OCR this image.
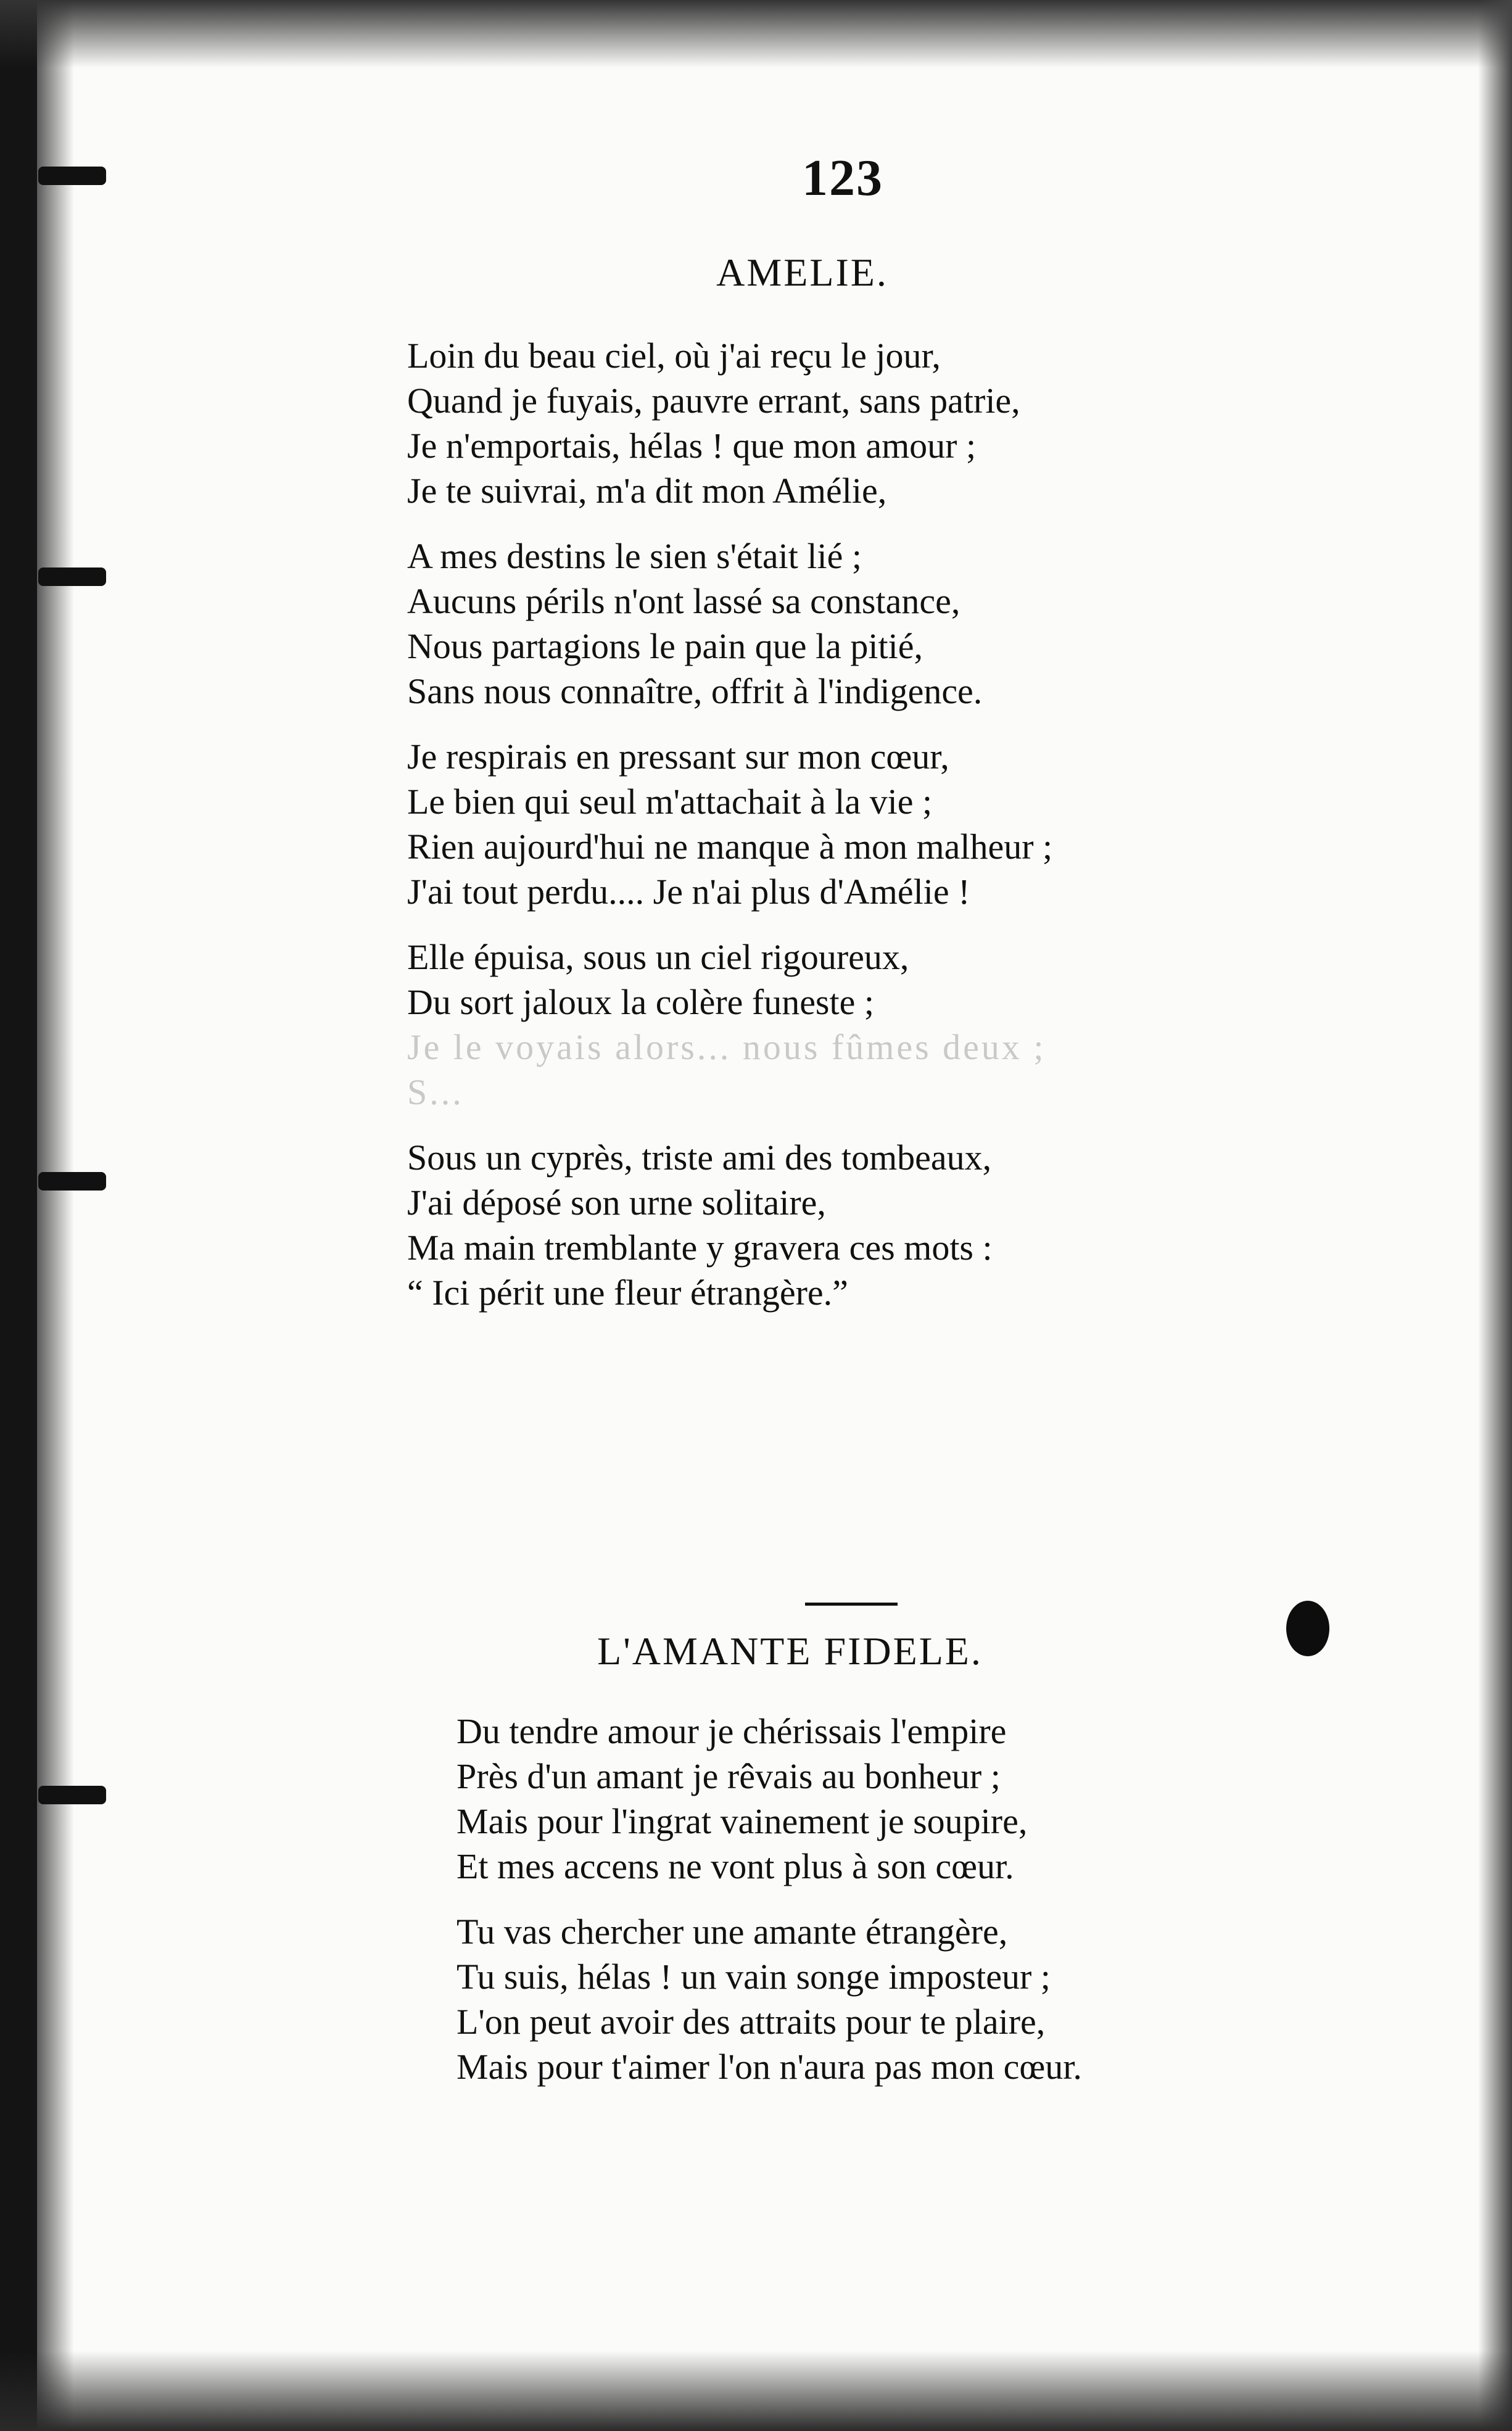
123
AMELIE.
Loin du beau ciel, où j'ai reçu le jour,
Quand je fuyais, pauvre errant, sans patrie,
Je n'emportais, hélas ! que mon amour ;
Je te suivrai, m'a dit mon Amélie,
A mes destins le sien s'était lié ;
Aucuns périls n'ont lassé sa constance,
Nous partagions le pain que la pitié,
Sans nous connaître, offrit à l'indigence.
Je respirais en pressant sur mon cœur,
Le bien qui seul m'attachait à la vie ;
Rien aujourd'hui ne manque à mon malheur ;
J'ai tout perdu.... Je n'ai plus d'Amélie !
Elle épuisa, sous un ciel rigoureux,
Du sort jaloux la colère funeste ;
Je le voyais alors... nous fûmes deux ;
S...
Sous un cyprès, triste ami des tombeaux,
J'ai déposé son urne solitaire,
Ma main tremblante y gravera ces mots :
“ Ici périt une fleur étrangère.”
L'AMANTE FIDELE.
Du tendre amour je chérissais l'empire
Près d'un amant je rêvais au bonheur ;
Mais pour l'ingrat vainement je soupire,
Et mes accens ne vont plus à son cœur.
Tu vas chercher une amante étrangère,
Tu suis, hélas ! un vain songe imposteur ;
L'on peut avoir des attraits pour te plaire,
Mais pour t'aimer l'on n'aura pas mon cœur.
